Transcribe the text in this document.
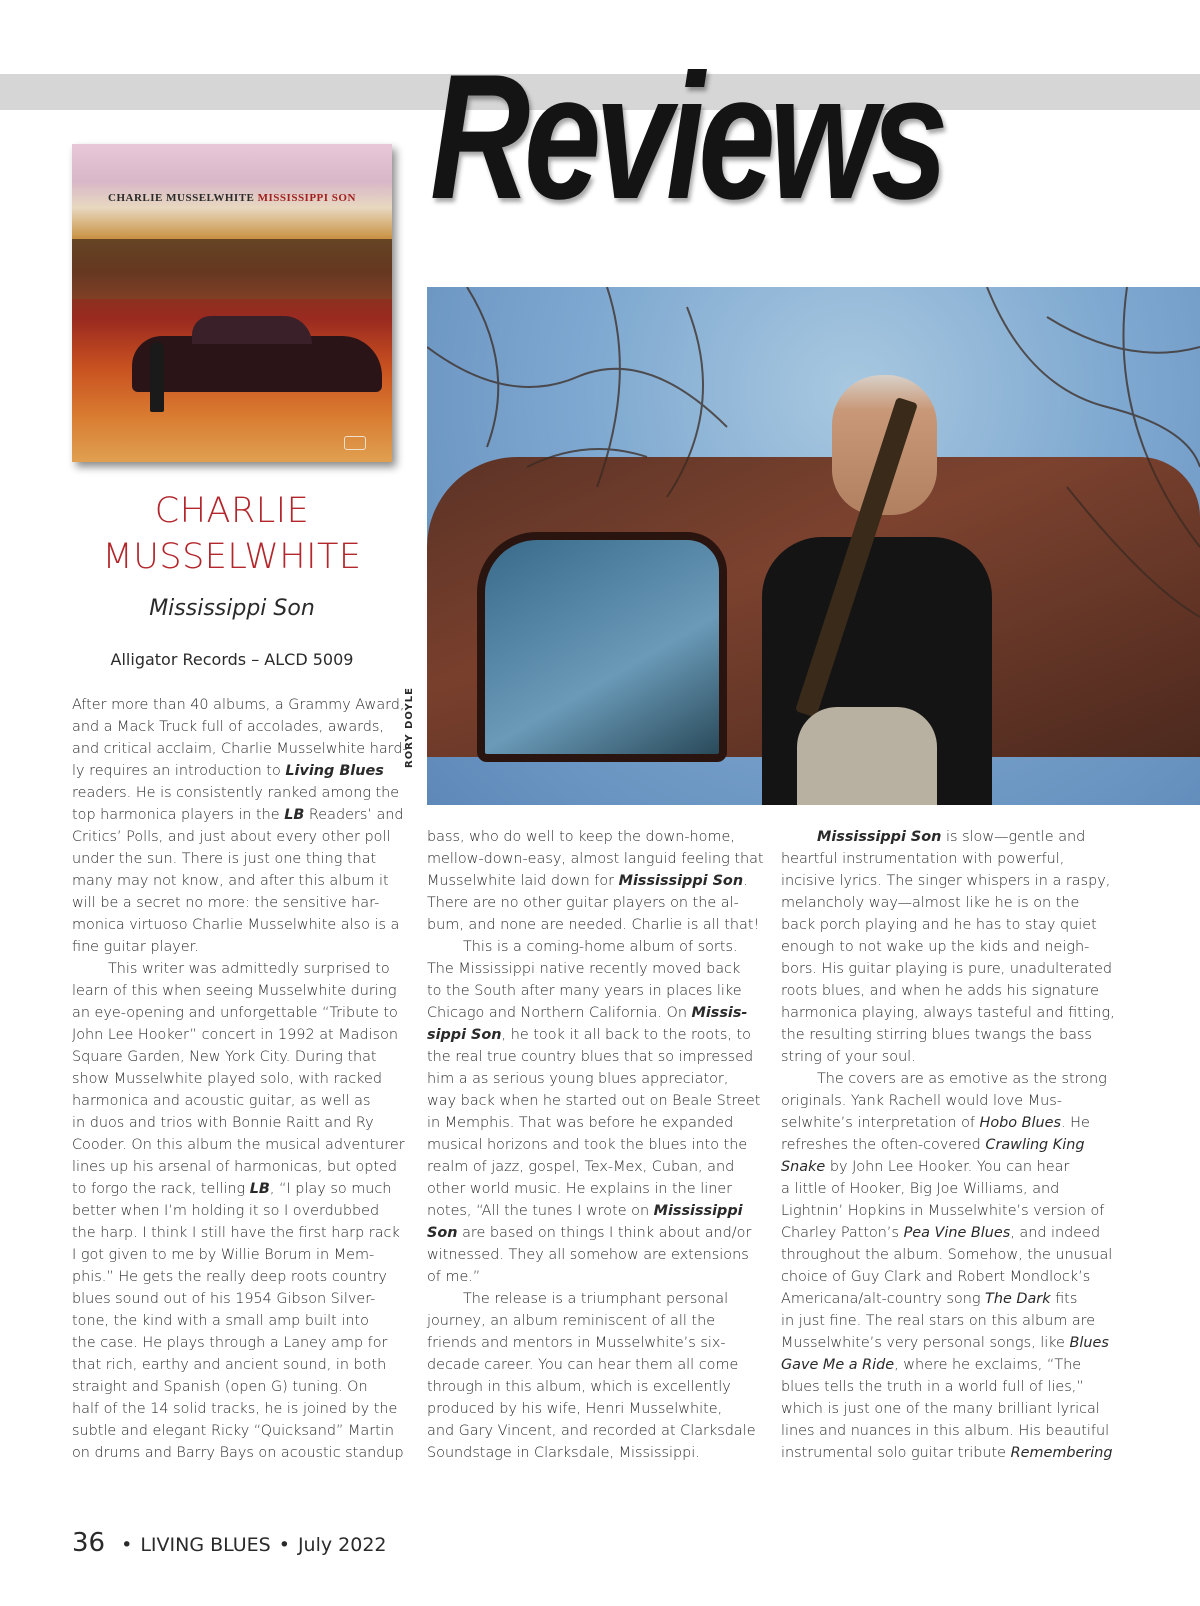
Reviews
CHARLIE MUSSELWHITE MISSISSIPPI SON
CHARLIE
MUSSELWHITE
Mississippi Son
Alligator Records – ALCD 5009
RORY DOYLE
After more than 40 albums, a Grammy Award,
and a Mack Truck full of accolades, awards,
and critical acclaim, Charlie Musselwhite hard-
ly requires an introduction to Living Blues
readers. He is consistently ranked among the
top harmonica players in the LB Readers’ and
Critics’ Polls, and just about every other poll
under the sun. There is just one thing that
many may not know, and after this album it
will be a secret no more: the sensitive har-
monica virtuoso Charlie Musselwhite also is a
fine guitar player.
This writer was admittedly surprised to
learn of this when seeing Musselwhite during
an eye-opening and unforgettable “Tribute to
John Lee Hooker” concert in 1992 at Madison
Square Garden, New York City. During that
show Musselwhite played solo, with racked
harmonica and acoustic guitar, as well as
in duos and trios with Bonnie Raitt and Ry
Cooder. On this album the musical adventurer
lines up his arsenal of harmonicas, but opted
to forgo the rack, telling LB, “I play so much
better when I’m holding it so I overdubbed
the harp. I think I still have the first harp rack
I got given to me by Willie Borum in Mem-
phis.” He gets the really deep roots country
blues sound out of his 1954 Gibson Silver-
tone, the kind with a small amp built into
the case. He plays through a Laney amp for
that rich, earthy and ancient sound, in both
straight and Spanish (open G) tuning. On
half of the 14 solid tracks, he is joined by the
subtle and elegant Ricky “Quicksand” Martin
on drums and Barry Bays on acoustic standup
bass, who do well to keep the down-home,
mellow-down-easy, almost languid feeling that
Musselwhite laid down for Mississippi Son.
There are no other guitar players on the al-
bum, and none are needed. Charlie is all that!
This is a coming-home album of sorts.
The Mississippi native recently moved back
to the South after many years in places like
Chicago and Northern California. On Missis-
sippi Son, he took it all back to the roots, to
the real true country blues that so impressed
him a as serious young blues appreciator,
way back when he started out on Beale Street
in Memphis. That was before he expanded
musical horizons and took the blues into the
realm of jazz, gospel, Tex-Mex, Cuban, and
other world music. He explains in the liner
notes, “All the tunes I wrote on Mississippi
Son are based on things I think about and/or
witnessed. They all somehow are extensions
of me.”
The release is a triumphant personal
journey, an album reminiscent of all the
friends and mentors in Musselwhite’s six-
decade career. You can hear them all come
through in this album, which is excellently
produced by his wife, Henri Musselwhite,
and Gary Vincent, and recorded at Clarksdale
Soundstage in Clarksdale, Mississippi.
Mississippi Son is slow—gentle and
heartful instrumentation with powerful,
incisive lyrics. The singer whispers in a raspy,
melancholy way—almost like he is on the
back porch playing and he has to stay quiet
enough to not wake up the kids and neigh-
bors. His guitar playing is pure, unadulterated
roots blues, and when he adds his signature
harmonica playing, always tasteful and fitting,
the resulting stirring blues twangs the bass
string of your soul.
The covers are as emotive as the strong
originals. Yank Rachell would love Mus-
selwhite’s interpretation of Hobo Blues. He
refreshes the often-covered Crawling King
Snake by John Lee Hooker. You can hear
a little of Hooker, Big Joe Williams, and
Lightnin’ Hopkins in Musselwhite’s version of
Charley Patton’s Pea Vine Blues, and indeed
throughout the album. Somehow, the unusual
choice of Guy Clark and Robert Mondlock’s
Americana/alt-country song The Dark fits
in just fine. The real stars on this album are
Musselwhite’s very personal songs, like Blues
Gave Me a Ride, where he exclaims, “The
blues tells the truth in a world full of lies,”
which is just one of the many brilliant lyrical
lines and nuances in this album. His beautiful
instrumental solo guitar tribute Remembering
36 • LIVING BLUES • July 2022
